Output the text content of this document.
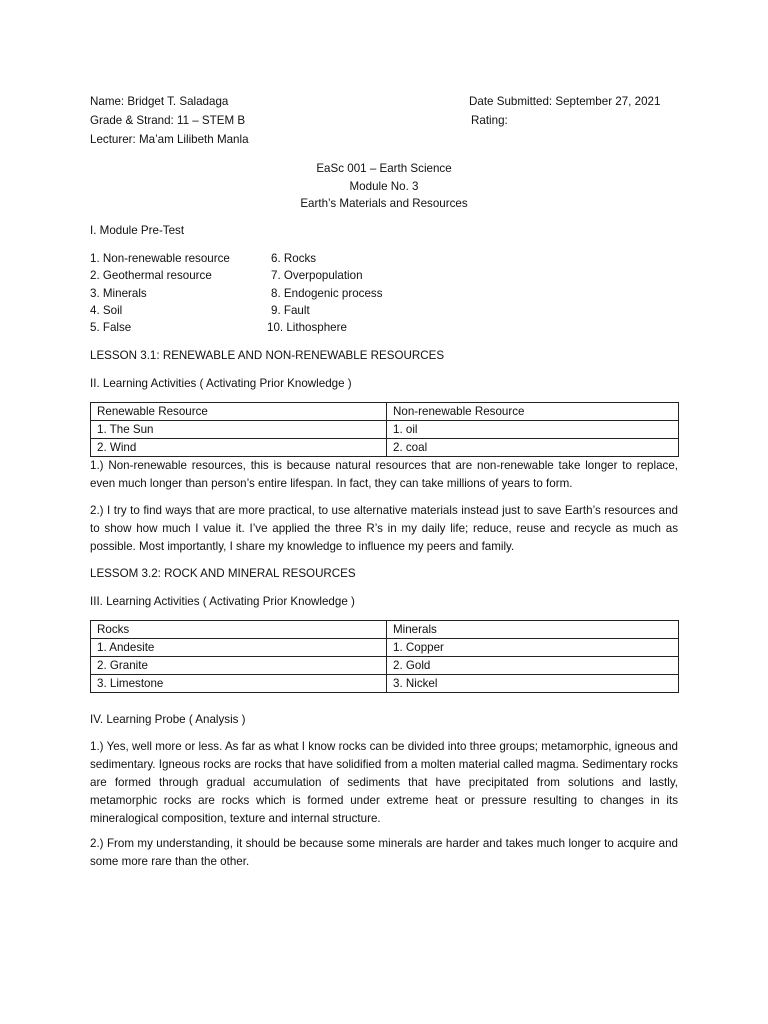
Name: Bridget T. Saladaga
Grade & Strand: 11 – STEM B
Lecturer: Ma’am Lilibeth Manla
Date Submitted: September 27, 2021
Rating:
EaSc 001 – Earth Science
Module No. 3
Earth’s Materials and Resources
I. Module Pre-Test
1. Non-renewable resource
2. Geothermal resource
3. Minerals
4. Soil
5. False
6. Rocks
7. Overpopulation
8. Endogenic process
9. Fault
10. Lithosphere
LESSON 3.1: RENEWABLE AND NON-RENEWABLE RESOURCES
II. Learning Activities ( Activating Prior Knowledge )
Renewable Resource	Non-renewable Resource
1. The Sun	1. oil
2. Wind	2. coal
1.) Non-renewable resources, this is because natural resources that are non-renewable take longer to replace, even much longer than person’s entire lifespan. In fact, they can take millions of years to form.
2.) I try to find ways that are more practical, to use alternative materials instead just to save Earth’s resources and to show how much I value it. I’ve applied the three R’s in my daily life; reduce, reuse and recycle as much as possible. Most importantly, I share my knowledge to influence my peers and family.
LESSOM 3.2: ROCK AND MINERAL RESOURCES
III. Learning Activities ( Activating Prior Knowledge )
Rocks	Minerals
1. Andesite	1. Copper
2. Granite	2. Gold
3. Limestone	3. Nickel
IV. Learning Probe ( Analysis )
1.) Yes, well more or less. As far as what I know rocks can be divided into three groups; metamorphic, igneous and sedimentary. Igneous rocks are rocks that have solidified from a molten material called magma. Sedimentary rocks are formed through gradual accumulation of sediments that have precipitated from solutions and lastly, metamorphic rocks are rocks which is formed under extreme heat or pressure resulting to changes in its mineralogical composition, texture and internal structure.
2.) From my understanding, it should be because some minerals are harder and takes much longer to acquire and some more rare than the other.
